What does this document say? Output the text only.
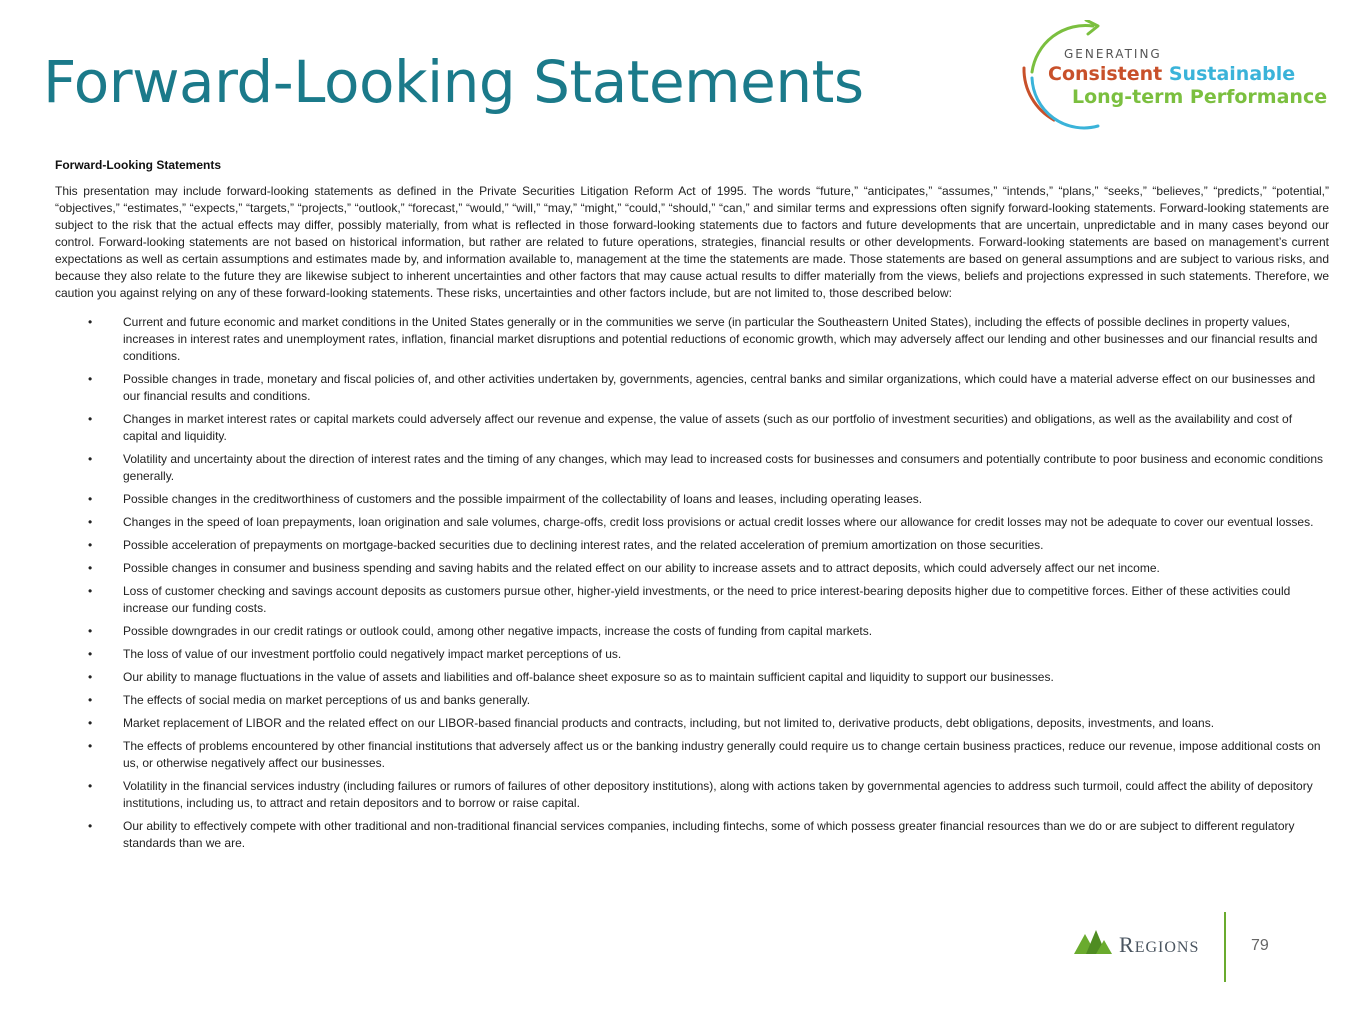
Forward-Looking Statements	GENERATING
Consistent Sustainable
Long-term Performance

Forward-Looking Statements

This presentation may include forward-looking statements as defined in the Private Securities Litigation Reform Act of 1995. The words “future,” “anticipates,” “assumes,” “intends,” “plans,” “seeks,” “believes,” “predicts,” “potential,” “objectives,” “estimates,” “expects,” “targets,” “projects,” “outlook,” “forecast,” “would,” “will,” “may,” “might,” “could,” “should,” “can,” and similar terms and expressions often signify forward-looking statements. Forward-looking statements are subject to the risk that the actual effects may differ, possibly materially, from what is reflected in those forward-looking statements due to factors and future developments that are uncertain, unpredictable and in many cases beyond our control. Forward-looking statements are not based on historical information, but rather are related to future operations, strategies, financial results or other developments. Forward-looking statements are based on management’s current expectations as well as certain assumptions and estimates made by, and information available to, management at the time the statements are made. Those statements are based on general assumptions and are subject to various risks, and because they also relate to the future they are likewise subject to inherent uncertainties and other factors that may cause actual results to differ materially from the views, beliefs and projections expressed in such statements. Therefore, we caution you against relying on any of these forward-looking statements. These risks, uncertainties and other factors include, but are not limited to, those described below:

•	Current and future economic and market conditions in the United States generally or in the communities we serve (in particular the Southeastern United States), including the effects of possible declines in property values, increases in interest rates and unemployment rates, inflation, financial market disruptions and potential reductions of economic growth, which may adversely affect our lending and other businesses and our financial results and conditions.
•	Possible changes in trade, monetary and fiscal policies of, and other activities undertaken by, governments, agencies, central banks and similar organizations, which could have a material adverse effect on our businesses and our financial results and conditions.
•	Changes in market interest rates or capital markets could adversely affect our revenue and expense, the value of assets (such as our portfolio of investment securities) and obligations, as well as the availability and cost of capital and liquidity.
•	Volatility and uncertainty about the direction of interest rates and the timing of any changes, which may lead to increased costs for businesses and consumers and potentially contribute to poor business and economic conditions generally.
•	Possible changes in the creditworthiness of customers and the possible impairment of the collectability of loans and leases, including operating leases.
•	Changes in the speed of loan prepayments, loan origination and sale volumes, charge-offs, credit loss provisions or actual credit losses where our allowance for credit losses may not be adequate to cover our eventual losses.
•	Possible acceleration of prepayments on mortgage-backed securities due to declining interest rates, and the related acceleration of premium amortization on those securities.
•	Possible changes in consumer and business spending and saving habits and the related effect on our ability to increase assets and to attract deposits, which could adversely affect our net income.
•	Loss of customer checking and savings account deposits as customers pursue other, higher-yield investments, or the need to price interest-bearing deposits higher due to competitive forces. Either of these activities could increase our funding costs.
•	Possible downgrades in our credit ratings or outlook could, among other negative impacts, increase the costs of funding from capital markets.
•	The loss of value of our investment portfolio could negatively impact market perceptions of us.
•	Our ability to manage fluctuations in the value of assets and liabilities and off-balance sheet exposure so as to maintain sufficient capital and liquidity to support our businesses.
•	The effects of social media on market perceptions of us and banks generally.
•	Market replacement of LIBOR and the related effect on our LIBOR-based financial products and contracts, including, but not limited to, derivative products, debt obligations, deposits, investments, and loans.
•	The effects of problems encountered by other financial institutions that adversely affect us or the banking industry generally could require us to change certain business practices, reduce our revenue, impose additional costs on us, or otherwise negatively affect our businesses.
•	Volatility in the financial services industry (including failures or rumors of failures of other depository institutions), along with actions taken by governmental agencies to address such turmoil, could affect the ability of depository institutions, including us, to attract and retain depositors and to borrow or raise capital.
•	Our ability to effectively compete with other traditional and non-traditional financial services companies, including fintechs, some of which possess greater financial resources than we do or are subject to different regulatory standards than we are.
REGIONS	79
